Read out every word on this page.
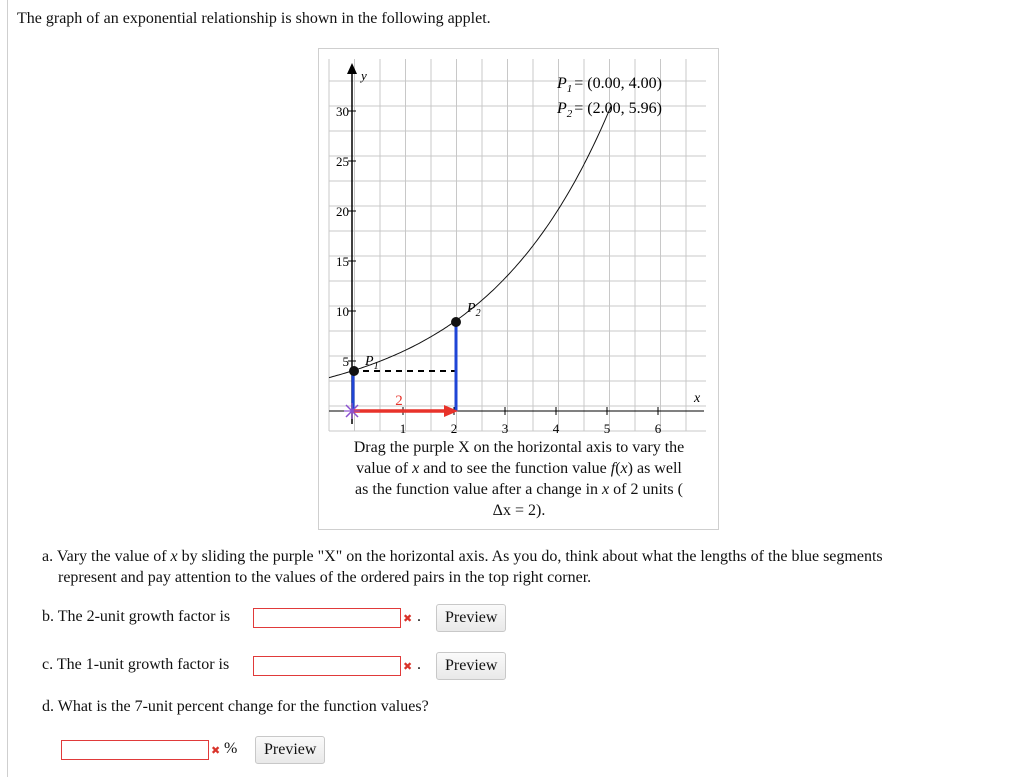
The graph of an exponential relationship is shown in the following applet.
30
25
20
15
10
5
1	2	3	4	5	6
y
x
2
$P_1$
$P_2$
$P_1 = (0.00$, 4.00)
$P_2 = (2.00$, 5.96)
Drag the purple X on the horizontal axis to vary the
value of x and to see the function value f(x) as well
as the function value after a change in x of 2 units (
Δx = 2).
a. Vary the value of x by sliding the purple "X" on the horizontal axis. As you do, think about what the lengths of the blue segments
represent and pay attention to the values of the ordered pairs in the top right corner.
b. The 2-unit growth factor is	✖ .	Preview
c. The 1-unit growth factor is	✖ .	Preview
d. What is the 7-unit percent change for the function values?
✖ %	Preview
